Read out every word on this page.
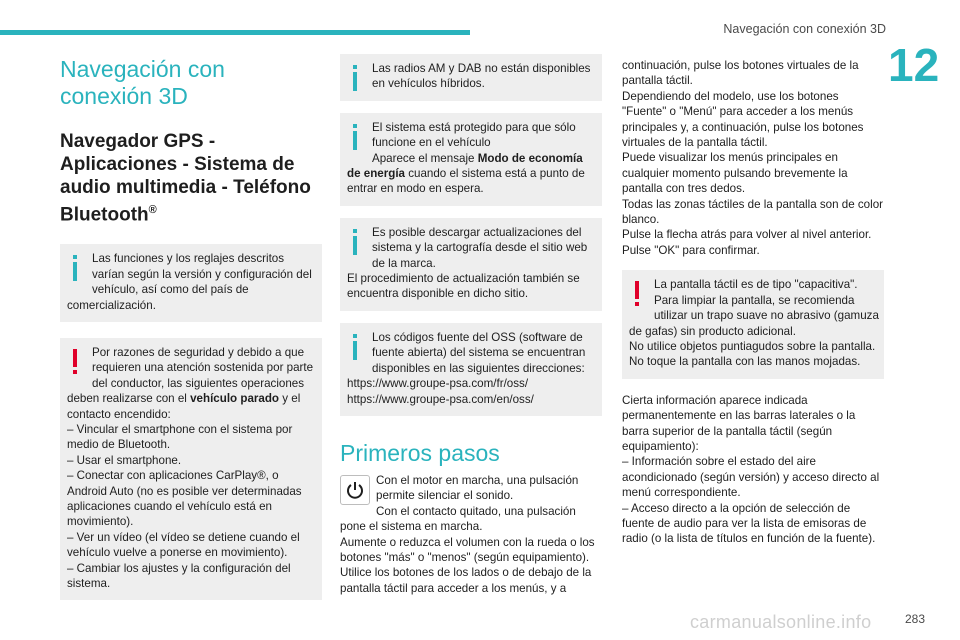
Navegación con conexión 3D
12
Navegación con conexión 3D
Navegador GPS - Aplicaciones - Sistema de audio multimedia - Teléfono Bluetooth®

Las funciones y los reglajes descritos varían según la versión y configuración del vehículo, así como del país de comercialización.

Por razones de seguridad y debido a que requieren una atención sostenida por parte del conductor, las siguientes operaciones deben realizarse con el vehículo parado y el contacto encendido:

– Vincular el smartphone con el sistema por medio de Bluetooth.

– Usar el smartphone.

– Conectar con aplicaciones CarPlay®, o Android Auto (no es posible ver determinadas aplicaciones cuando el vehículo está en movimiento).

– Ver un vídeo (el vídeo se detiene cuando el vehículo vuelve a ponerse en movimiento).

– Cambiar los ajustes y la configuración del sistema.

Las radios AM y DAB no están disponibles en vehículos híbridos.

El sistema está protegido para que sólo funcione en el vehículo

Aparece el mensaje Modo de economía de energía cuando el sistema está a punto de entrar en modo en espera.

Es posible descargar actualizaciones del sistema y la cartografía desde el sitio web de la marca.

El procedimiento de actualización también se encuentra disponible en dicho sitio.

Los códigos fuente del OSS (software de fuente abierta) del sistema se encuentran disponibles en las siguientes direcciones:

https://www.groupe-psa.com/fr/oss/

https://www.groupe-psa.com/en/oss/

Primeros pasos

Con el motor en marcha, una pulsación permite silenciar el sonido.

Con el contacto quitado, una pulsación pone el sistema en marcha.

Aumente o reduzca el volumen con la rueda o los botones "más" o "menos" (según equipamiento).

Utilice los botones de los lados o de debajo de la pantalla táctil para acceder a los menús, y a

continuación, pulse los botones virtuales de la pantalla táctil.

Dependiendo del modelo, use los botones "Fuente" o "Menú" para acceder a los menús principales y, a continuación, pulse los botones virtuales de la pantalla táctil.

Puede visualizar los menús principales en cualquier momento pulsando brevemente la pantalla con tres dedos.

Todas las zonas táctiles de la pantalla son de color blanco.

Pulse la flecha atrás para volver al nivel anterior.

Pulse "OK" para confirmar.

La pantalla táctil es de tipo "capacitiva". Para limpiar la pantalla, se recomienda utilizar un trapo suave no abrasivo (gamuza de gafas) sin producto adicional.

No utilice objetos puntiagudos sobre la pantalla.

No toque la pantalla con las manos mojadas.

Cierta información aparece indicada permanentemente en las barras laterales o la barra superior de la pantalla táctil (según equipamiento):

– Información sobre el estado del aire acondicionado (según versión) y acceso directo al menú correspondiente.

– Acceso directo a la opción de selección de fuente de audio para ver la lista de emisoras de radio (o la lista de títulos en función de la fuente).

carmanualsonline.info	283
